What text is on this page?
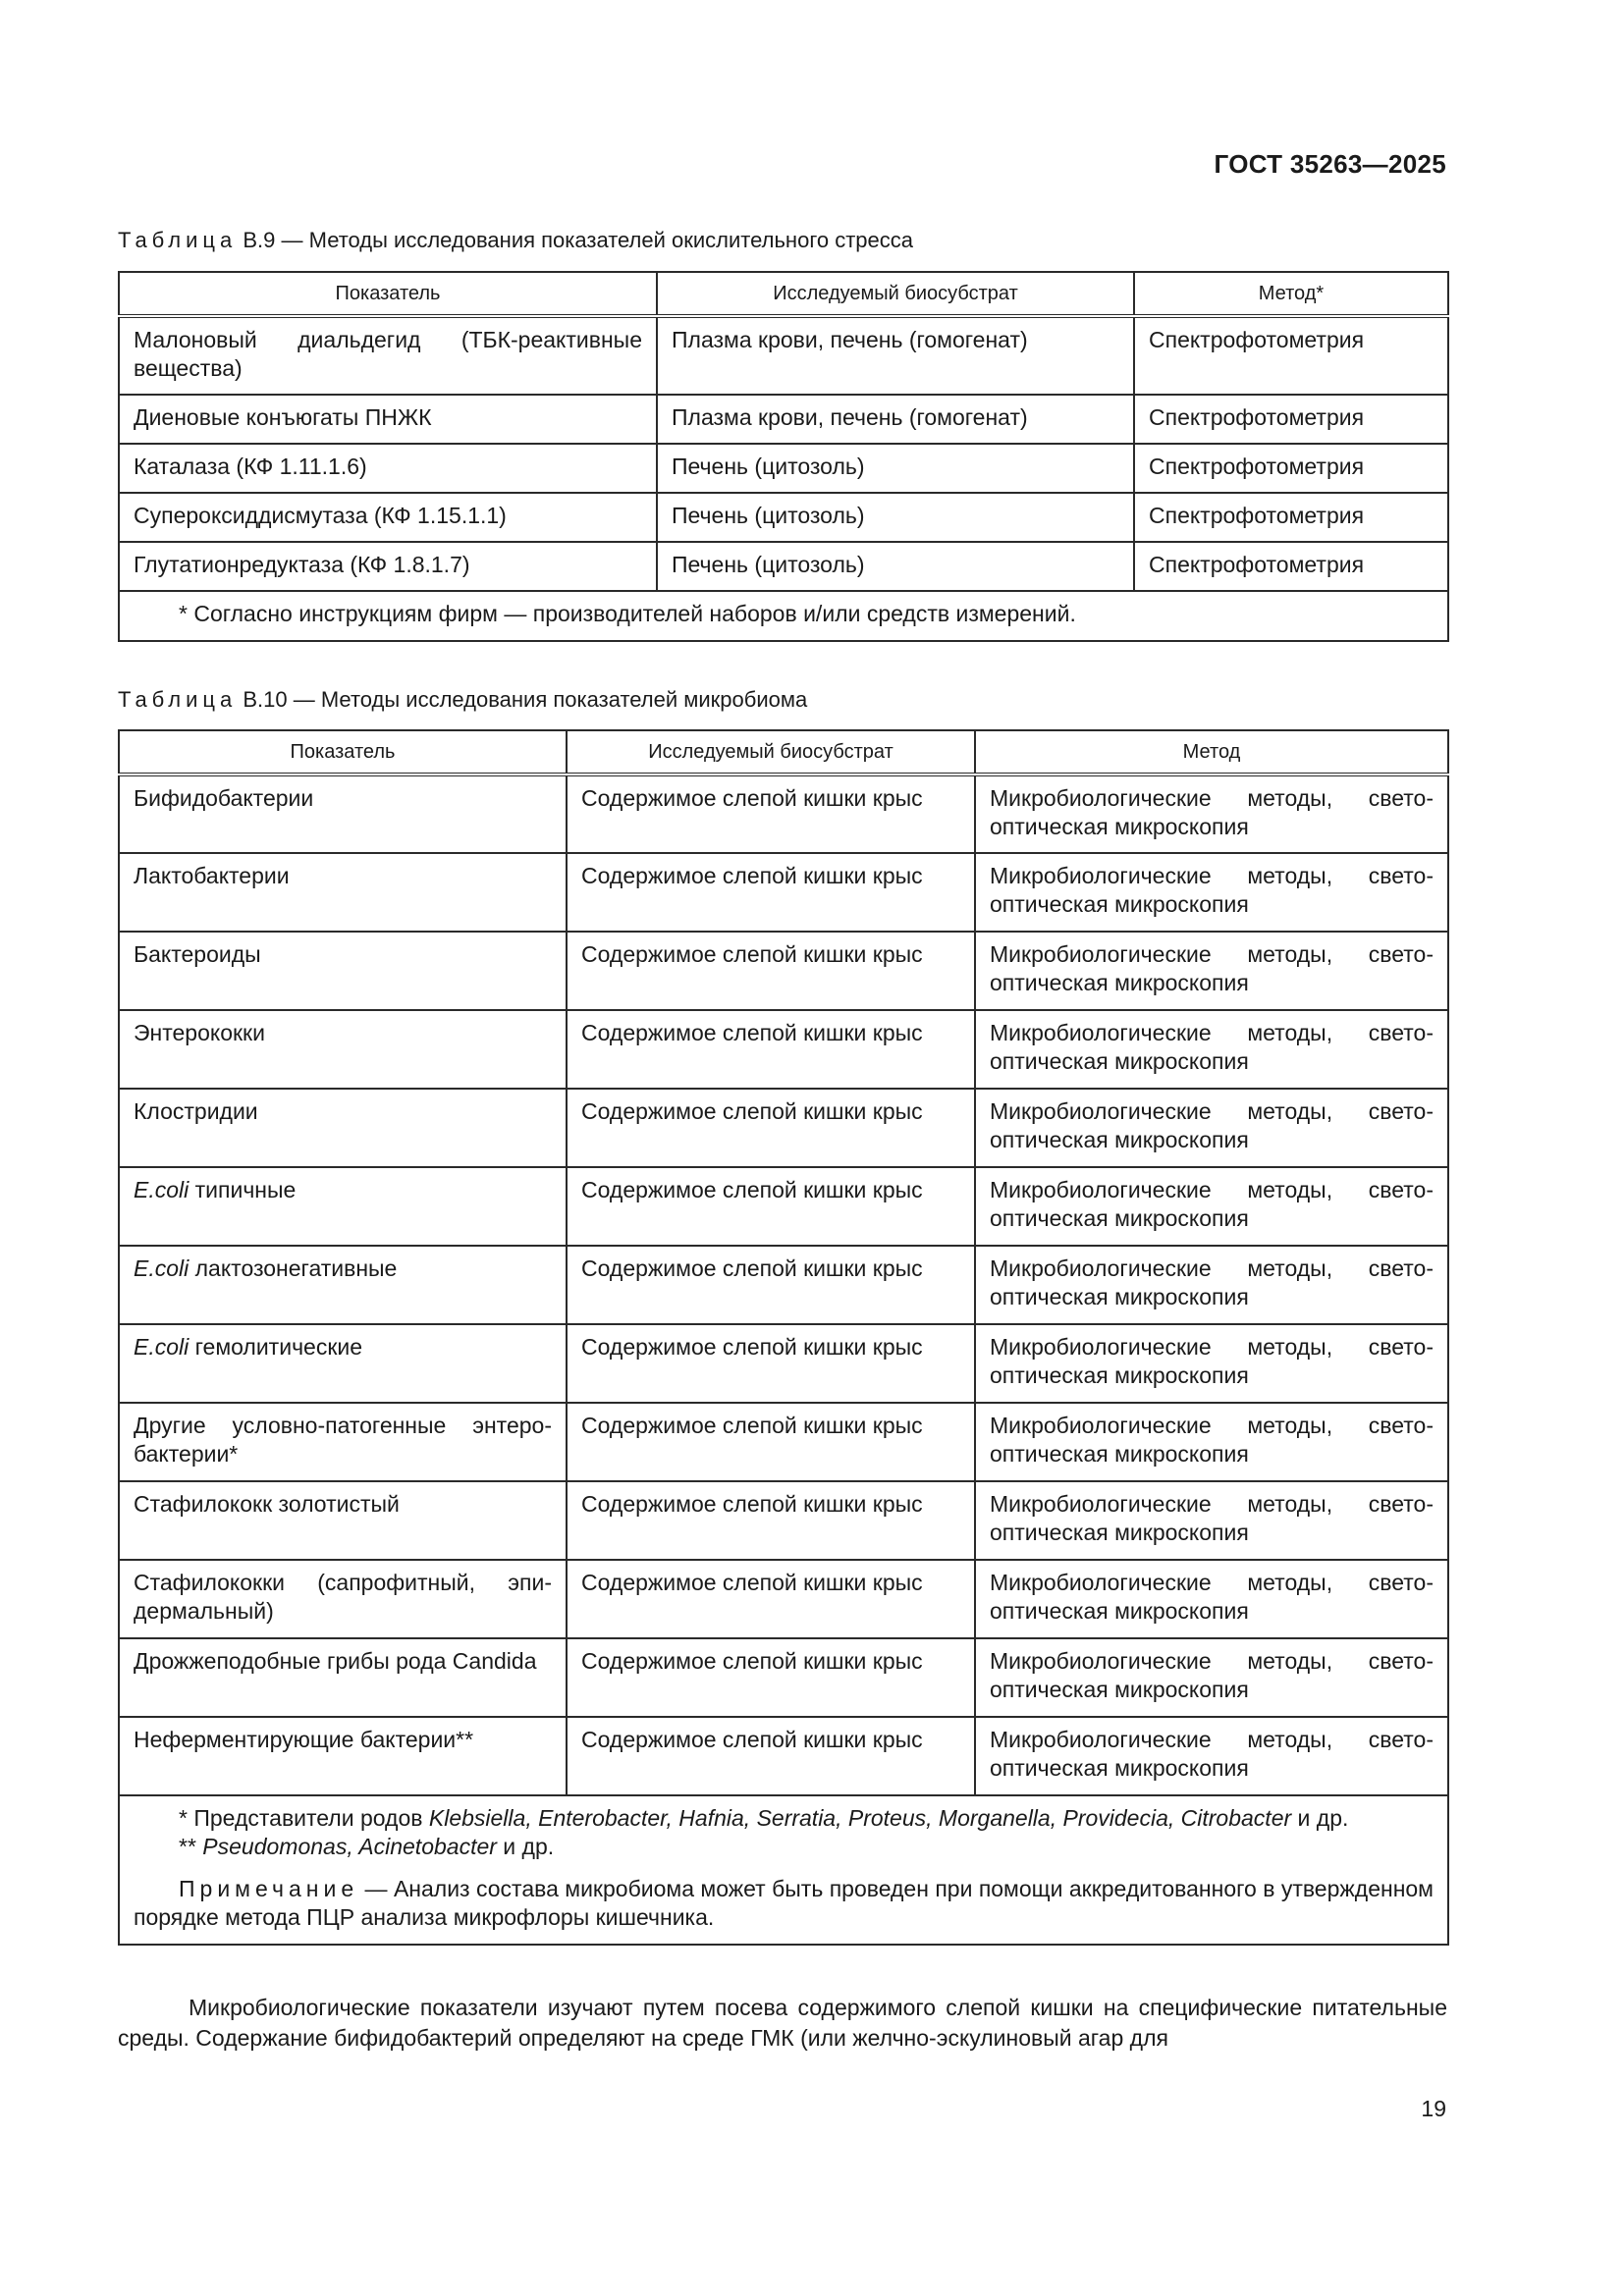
ГОСТ 35263—2025
Таблица В.9 — Методы исследования показателей окислительного стресса
Показатель	Исследуемый биосубстрат	Метод*
Малоновый диальдегид (ТБК-реактивные вещества)	Плазма крови, печень (гомогенат)	Спектрофотометрия
Диеновые конъюгаты ПНЖК	Плазма крови, печень (гомогенат)	Спектрофотометрия
Каталаза (КФ 1.11.1.6)	Печень (цитозоль)	Спектрофотометрия
Супероксиддисмутаза (КФ 1.15.1.1)	Печень (цитозоль)	Спектрофотометрия
Глутатионредуктаза (КФ 1.8.1.7)	Печень (цитозоль)	Спектрофотометрия

* Согласно инструкциям фирм — производителей наборов и/или средств измерений.		
Таблица В.10 — Методы исследования показателей микробиома
Показатель	Исследуемый биосубстрат	Метод
Бифидобактерии	Содержимое слепой кишки крыс	Микробиологические методы, свето-
оптическая микроскопия

Лактобактерии	Содержимое слепой кишки крыс	Микробиологические методы, свето-
оптическая микроскопия

Бактероиды	Содержимое слепой кишки крыс	Микробиологические методы, свето-
оптическая микроскопия

Энтерококки	Содержимое слепой кишки крыс	Микробиологические методы, свето-
оптическая микроскопия

Клостридии	Содержимое слепой кишки крыс	Микробиологические методы, свето-
оптическая микроскопия

E.coli типичные	Содержимое слепой кишки крыс	Микробиологические методы, свето-
оптическая микроскопия

E.coli лактозонегативные	Содержимое слепой кишки крыс	Микробиологические методы, свето-
оптическая микроскопия

E.coli гемолитические	Содержимое слепой кишки крыс	Микробиологические методы, свето-
оптическая микроскопия

Другие условно-патогенные энтеро-бактерии*	Содержимое слепой кишки крыс	Микробиологические методы, свето-
оптическая микроскопия

Стафилококк золотистый	Содержимое слепой кишки крыс	Микробиологические методы, свето-
оптическая микроскопия

Стафилококки (сапрофитный, эпи-дермальный)	Содержимое слепой кишки крыс	Микробиологические методы, свето-
оптическая микроскопия

Дрожжеподобные грибы рода Candida	Содержимое слепой кишки крыс	Микробиологические методы, свето-
оптическая микроскопия

Неферментирующие бактерии**	Содержимое слепой кишки крыс	Микробиологические методы, свето-
оптическая микроскопия

* Представители родов Klebsiella, Enterobacter, Hafnia, Serratia, Proteus, Morganella, Providecia, Citrobacter и др.
** Pseudomonas, Acinetobacter и др.
Примечание — Анализ состава микробиома может быть проведен при помощи аккредитованного в утвержденном порядке метода ПЦР анализа микрофлоры кишечника.		
Микробиологические показатели изучают путем посева содержимого слепой кишки на специфические питательные среды. Содержание бифидобактерий определяют на среде ГМК (или желчно-эскулиновый агар для
19
